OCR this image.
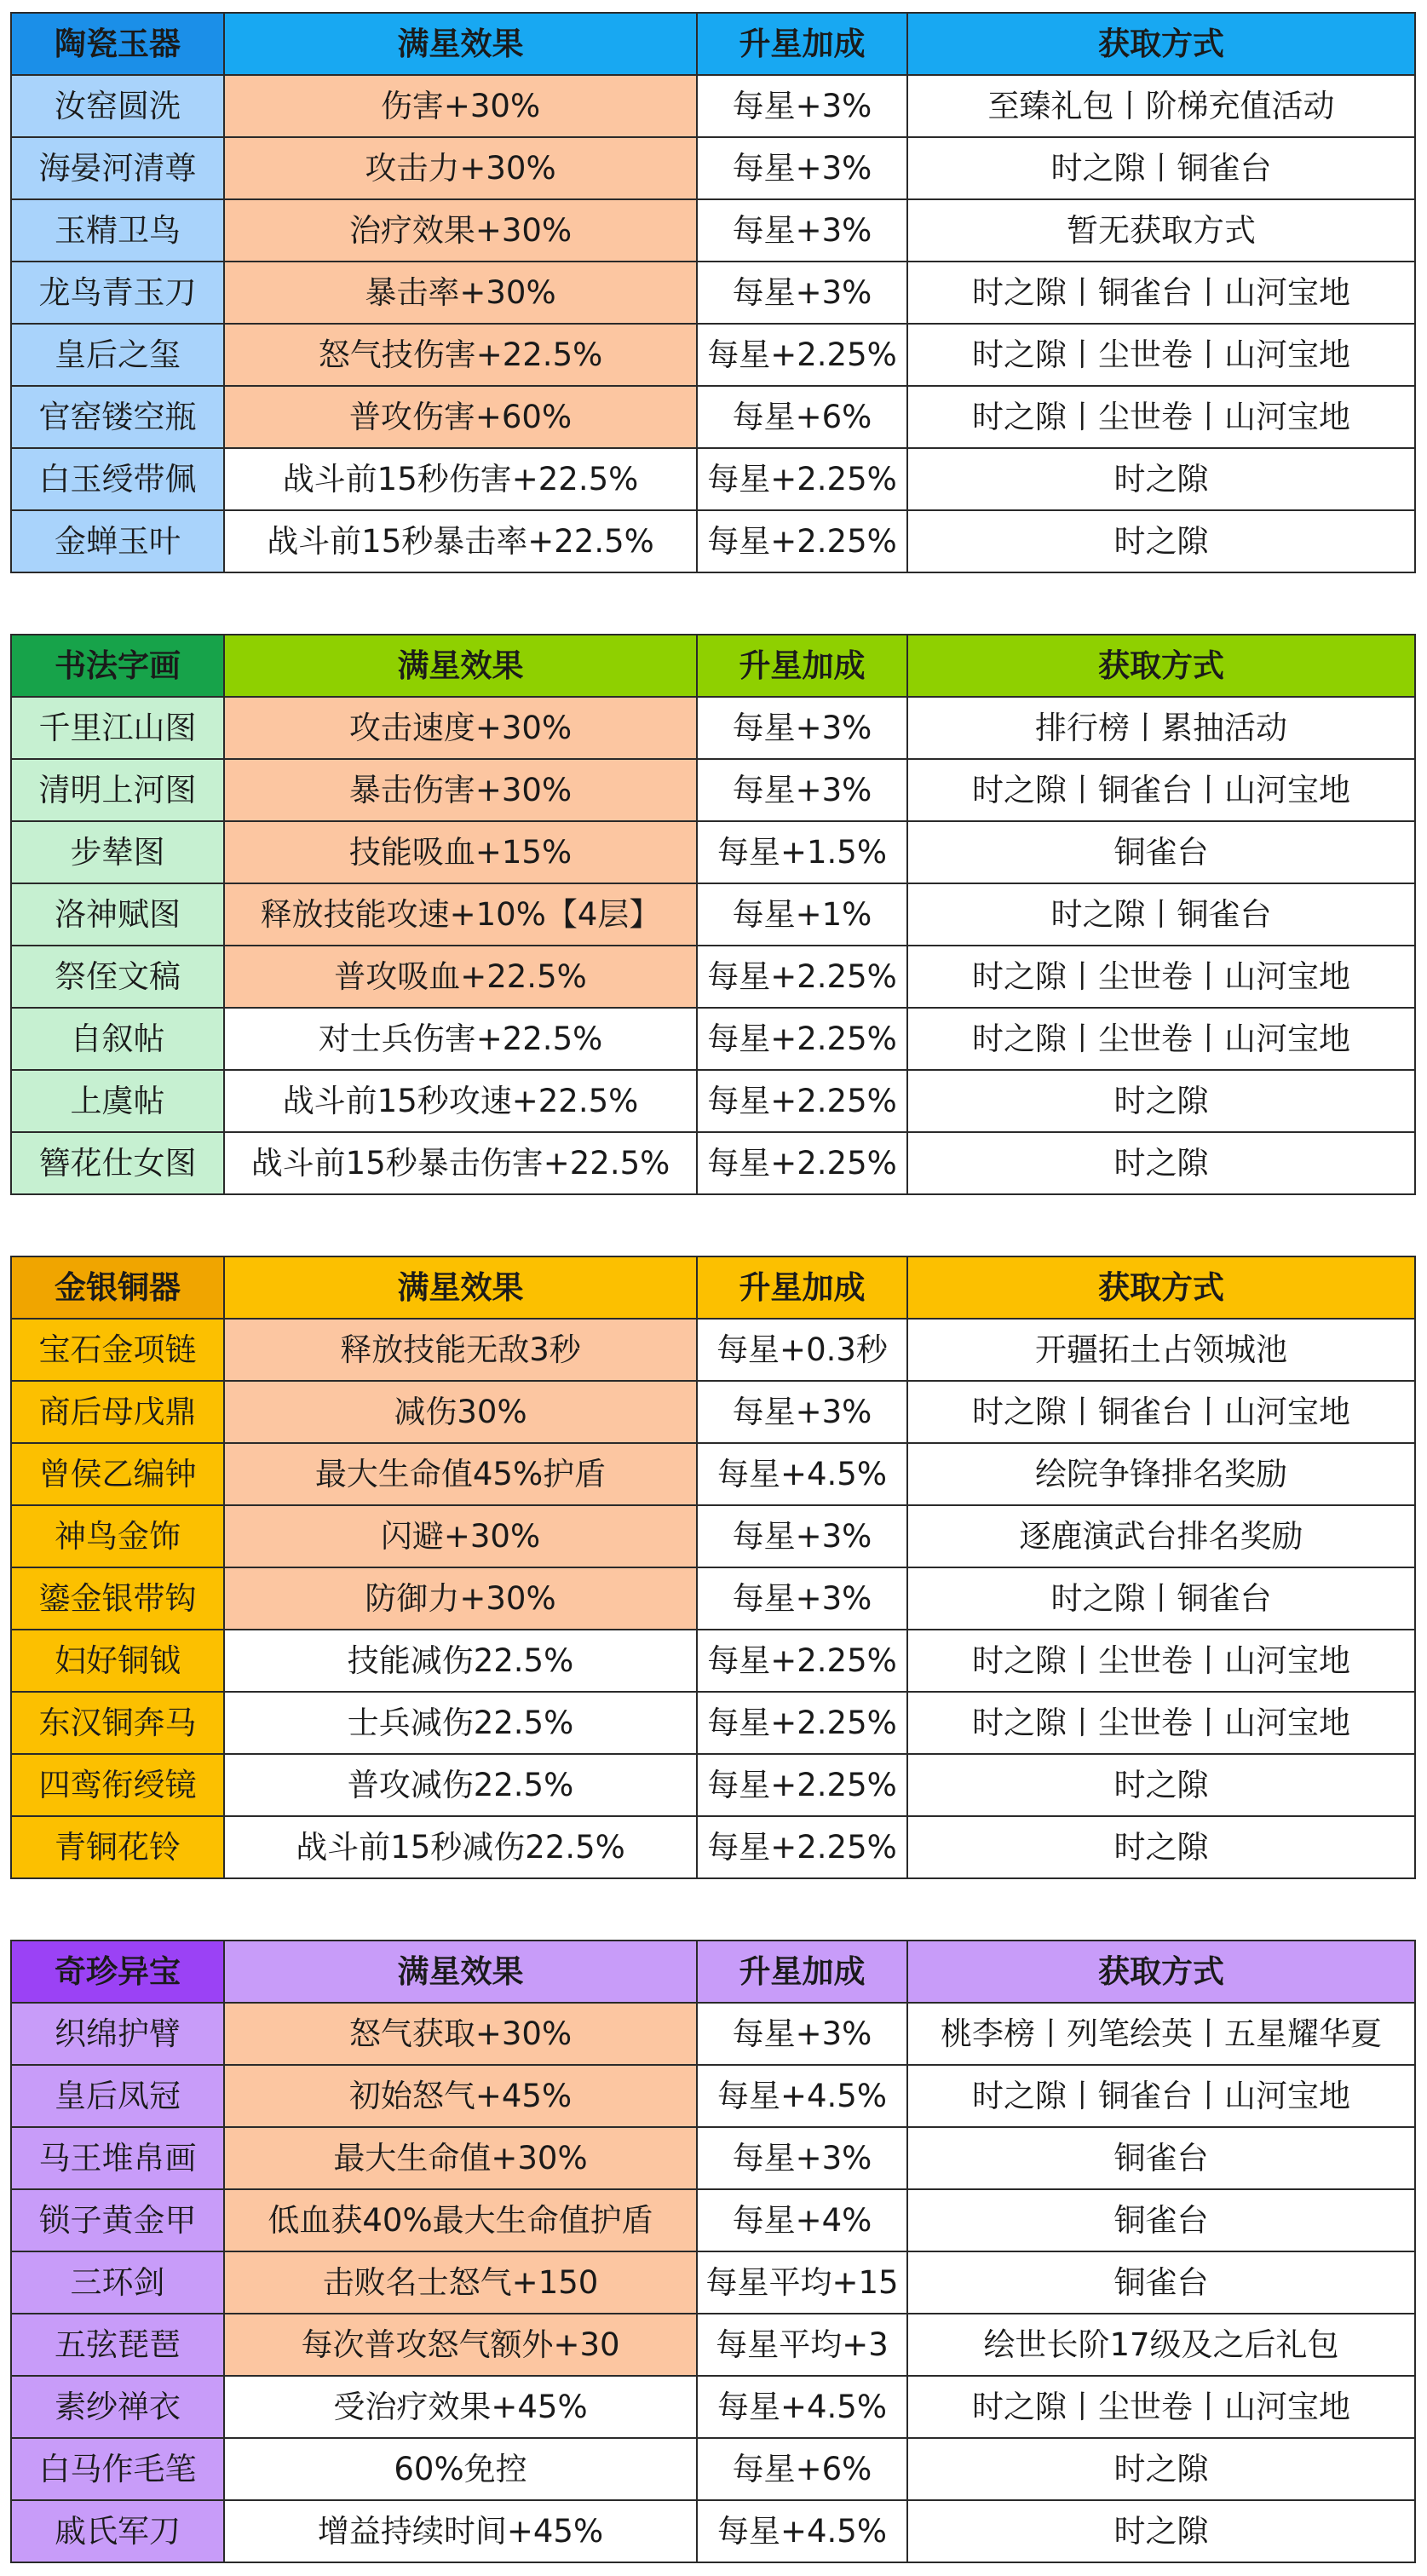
陶瓷玉器	满星效果	升星加成	获取方式
汝窑圆洗	伤害+30%	每星+3%	至臻礼包丨阶梯充值活动
海晏河清尊	攻击力+30%	每星+3%	时之隙丨铜雀台
玉精卫鸟	治疗效果+30%	每星+3%	暂无获取方式
龙鸟青玉刀	暴击率+30%	每星+3%	时之隙丨铜雀台丨山河宝地
皇后之玺	怒气技伤害+22.5%	每星+2.25%	时之隙丨尘世卷丨山河宝地
官窑镂空瓶	普攻伤害+60%	每星+6%	时之隙丨尘世卷丨山河宝地
白玉绶带佩	战斗前15秒伤害+22.5%	每星+2.25%	时之隙
金蝉玉叶	战斗前15秒暴击率+22.5%	每星+2.25%	时之隙
书法字画	满星效果	升星加成	获取方式
千里江山图	攻击速度+30%	每星+3%	排行榜丨累抽活动
清明上河图	暴击伤害+30%	每星+3%	时之隙丨铜雀台丨山河宝地
步辇图	技能吸血+15%	每星+1.5%	铜雀台
洛神赋图	释放技能攻速+10%【4层】	每星+1%	时之隙丨铜雀台
祭侄文稿	普攻吸血+22.5%	每星+2.25%	时之隙丨尘世卷丨山河宝地
自叙帖	对士兵伤害+22.5%	每星+2.25%	时之隙丨尘世卷丨山河宝地
上虞帖	战斗前15秒攻速+22.5%	每星+2.25%	时之隙
簪花仕女图	战斗前15秒暴击伤害+22.5%	每星+2.25%	时之隙
金银铜器	满星效果	升星加成	获取方式
宝石金项链	释放技能无敌3秒	每星+0.3秒	开疆拓土占领城池
商后母戊鼎	减伤30%	每星+3%	时之隙丨铜雀台丨山河宝地
曾侯乙编钟	最大生命值45%护盾	每星+4.5%	绘院争锋排名奖励
神鸟金饰	闪避+30%	每星+3%	逐鹿演武台排名奖励
鎏金银带钩	防御力+30%	每星+3%	时之隙丨铜雀台
妇好铜钺	技能减伤22.5%	每星+2.25%	时之隙丨尘世卷丨山河宝地
东汉铜奔马	士兵减伤22.5%	每星+2.25%	时之隙丨尘世卷丨山河宝地
四鸾衔绶镜	普攻减伤22.5%	每星+2.25%	时之隙
青铜花铃	战斗前15秒减伤22.5%	每星+2.25%	时之隙
奇珍异宝	满星效果	升星加成	获取方式
织绵护臂	怒气获取+30%	每星+3%	桃李榜丨列笔绘英丨五星耀华夏
皇后凤冠	初始怒气+45%	每星+4.5%	时之隙丨铜雀台丨山河宝地
马王堆帛画	最大生命值+30%	每星+3%	铜雀台
锁子黄金甲	低血获40%最大生命值护盾	每星+4%	铜雀台
三环剑	击败名士怒气+150	每星平均+15	铜雀台
五弦琵琶	每次普攻怒气额外+30	每星平均+3	绘世长阶17级及之后礼包
素纱禅衣	受治疗效果+45%	每星+4.5%	时之隙丨尘世卷丨山河宝地
白马作毛笔	60%免控	每星+6%	时之隙
戚氏军刀	增益持续时间+45%	每星+4.5%	时之隙
